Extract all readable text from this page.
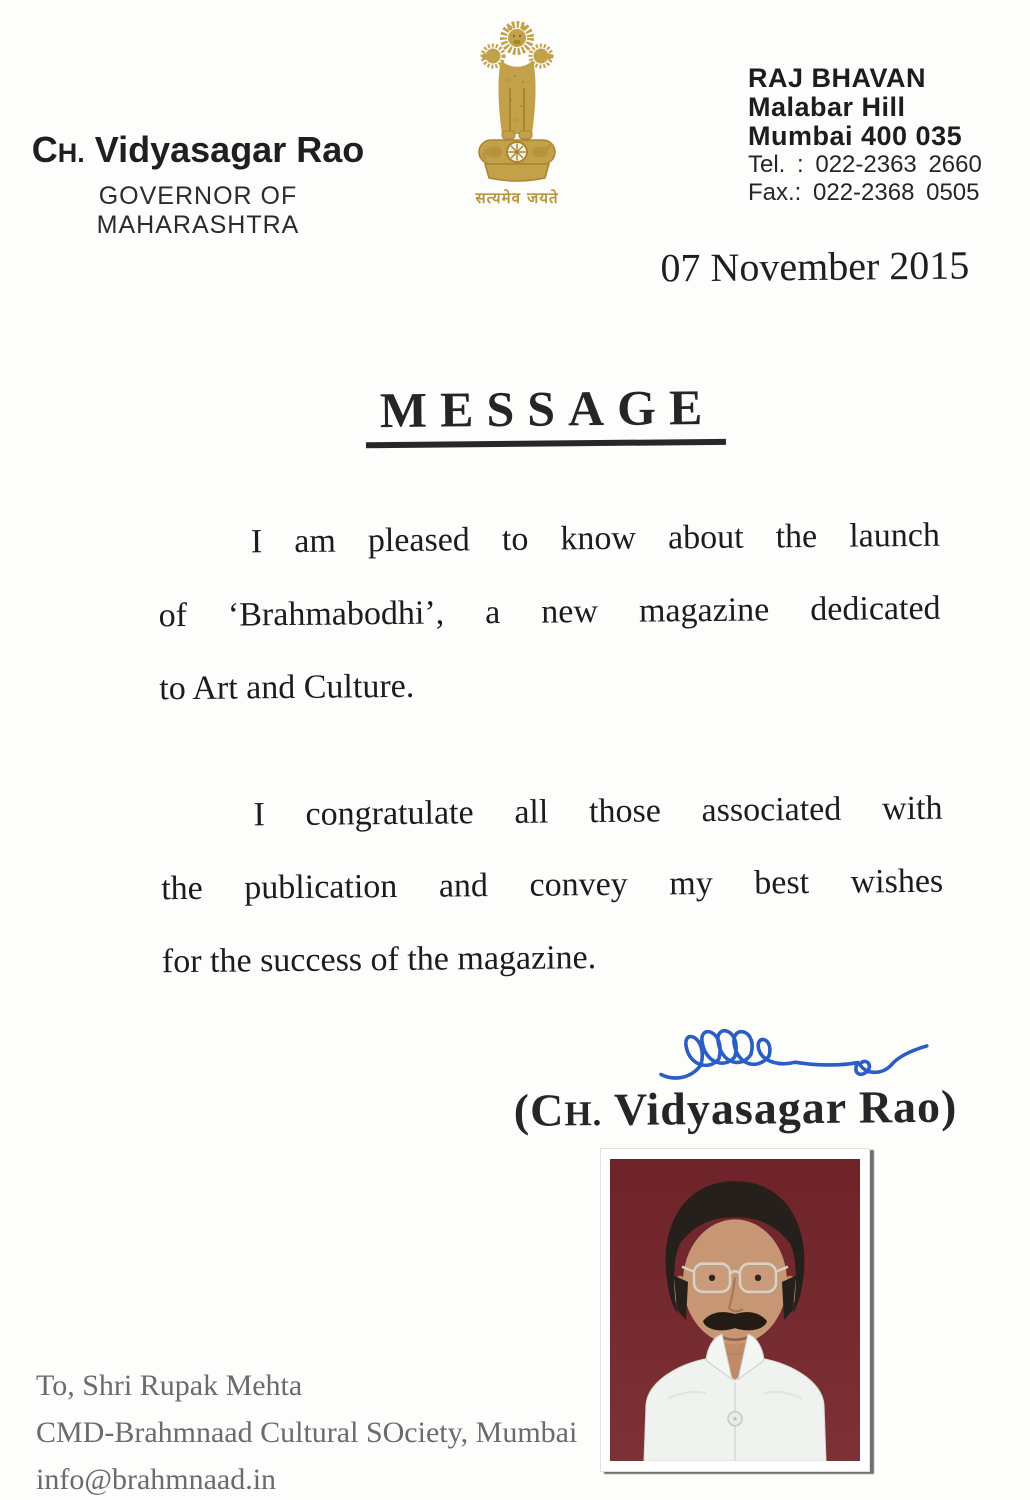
CH. Vidyasagar Rao
GOVERNOR OF MAHARASHTRA
सत्यमेव जयते
RAJ BHAVAN
Malabar Hill
Mumbai 400 035
Tel. : 022-2363 2660
Fax.: 022-2368 0505
07 November 2015
MESSAGE
I am pleased to know about the launch
of ‘Brahmabodhi’, a new magazine dedicated
to Art and Culture.
I congratulate all those associated with
the publication and convey my best wishes
for the success of the magazine.
(CH. Vidyasagar Rao)
To, Shri Rupak Mehta
CMD-Brahmnaad Cultural SOciety, Mumbai
info@brahmnaad.in
